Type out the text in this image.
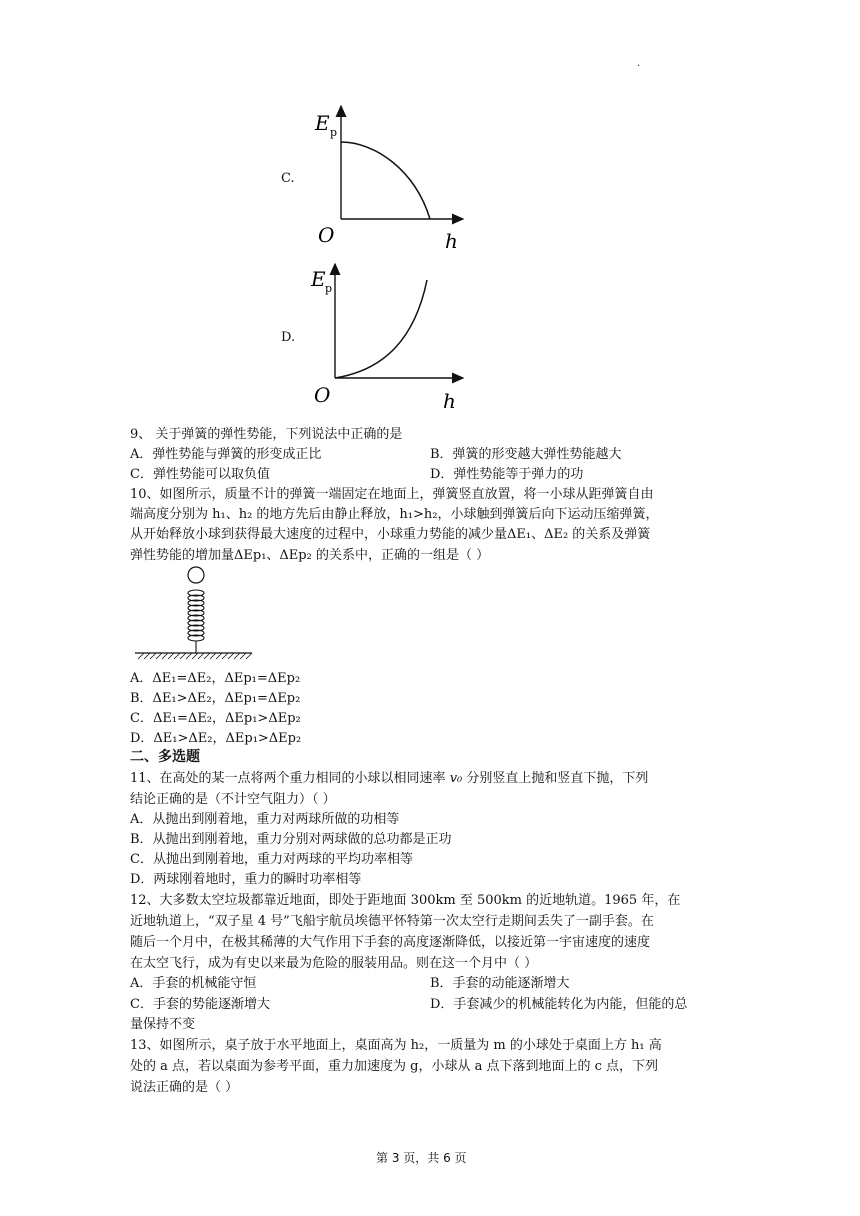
.
C.
E p
O	h
D.
E p
O	h
9、 关于弹簧的弹性势能，下列说法中正确的是
A．弹性势能与弹簧的形变成正比	B．弹簧的形变越大弹性势能越大
C．弹性势能可以取负值	D．弹性势能等于弹力的功
10、如图所示，质量不计的弹簧一端固定在地面上，弹簧竖直放置，将一小球从距弹簧自由
端高度分别为 h₁、h₂ 的地方先后由静止释放，h₁>h₂，小球触到弹簧后向下运动压缩弹簧，
从开始释放小球到获得最大速度的过程中，小球重力势能的减少量ΔE₁、ΔE₂ 的关系及弹簧
弹性势能的增加量ΔEp₁、ΔEp₂ 的关系中，正确的一组是（ ）
A．ΔE₁=ΔE₂，ΔEp₁=ΔEp₂
B．ΔE₁>ΔE₂，ΔEp₁=ΔEp₂
C．ΔE₁=ΔE₂，ΔEp₁>ΔEp₂
D．ΔE₁>ΔE₂，ΔEp₁>ΔEp₂
二、多选题
11、在高处的某一点将两个重力相同的小球以相同速率 v₀ 分别竖直上抛和竖直下抛，下列
结论正确的是（不计空气阻力）（ ）
A．从抛出到刚着地，重力对两球所做的功相等
B．从抛出到刚着地，重力分别对两球做的总功都是正功
C．从抛出到刚着地，重力对两球的平均功率相等
D．两球刚着地时，重力的瞬时功率相等
12、大多数太空垃圾都靠近地面，即处于距地面 300km 至 500km 的近地轨道。1965 年，在
近地轨道上，“双子星 4 号”飞船宇航员埃德平怀特第一次太空行走期间丢失了一副手套。在
随后一个月中，在极其稀薄的大气作用下手套的高度逐渐降低，以接近第一宇宙速度的速度
在太空飞行，成为有史以来最为危险的服装用品。则在这一个月中（ ）
A．手套的机械能守恒	B．手套的动能逐渐增大
C．手套的势能逐渐增大	D．手套减少的机械能转化为内能，但能的总
量保持不变
13、如图所示，桌子放于水平地面上，桌面高为 h₂，一质量为 m 的小球处于桌面上方 h₁ 高
处的 a 点，若以桌面为参考平面，重力加速度为 g，小球从 a 点下落到地面上的 c 点，下列
说法正确的是（ ）
第 3 页，共 6 页
